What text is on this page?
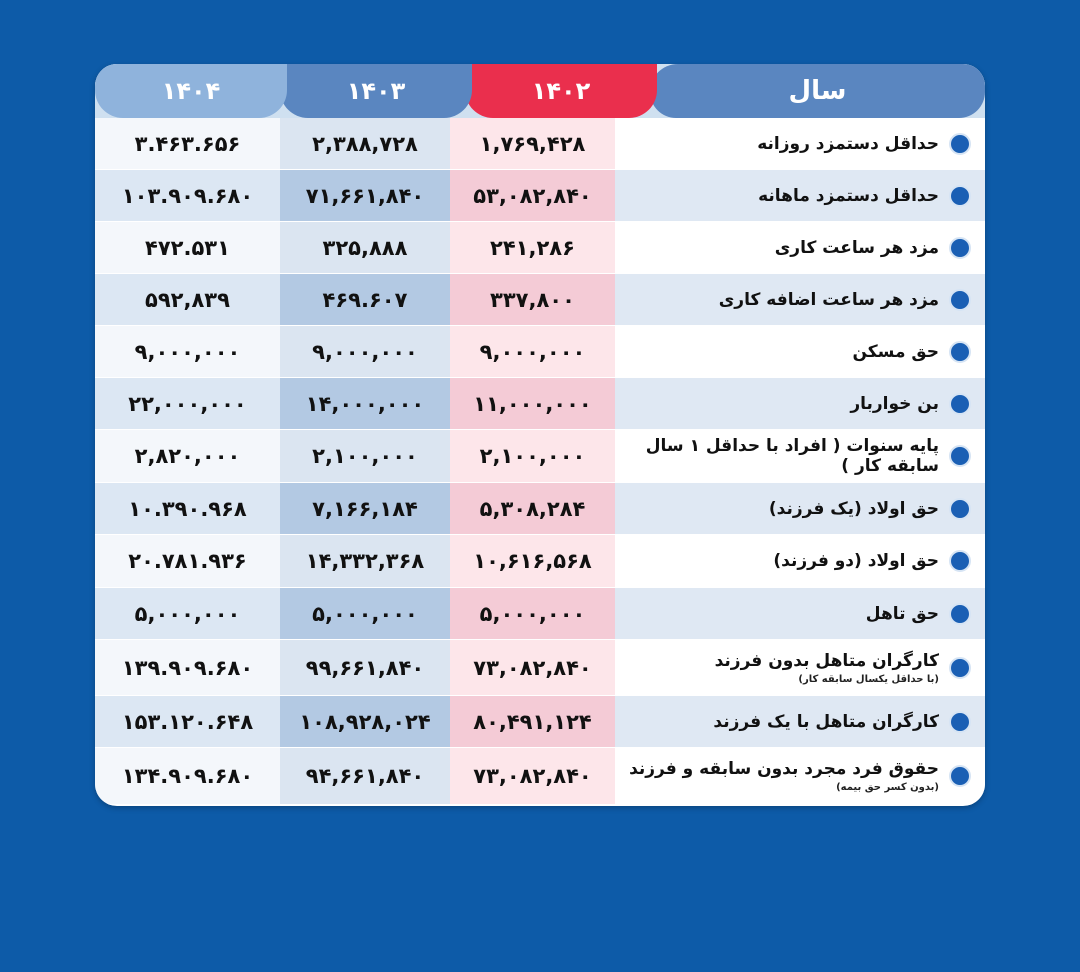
سال
۱۴۰۲
۱۴۰۳
۱۴۰۴
حداقل دستمزد روزانه
۱,۷۶۹,۴۲۸
۲,۳۸۸,۷۲۸
۳.۴۶۳.۶۵۶
حداقل دستمزد ماهانه
۵۳,۰۸۲,۸۴۰
۷۱,۶۶۱,۸۴۰
۱۰۳.۹۰۹.۶۸۰
مزد هر ساعت کاری
۲۴۱,۲۸۶
۳۲۵,۸۸۸
۴۷۲.۵۳۱
مزد هر ساعت اضافه کاری
۳۳۷,۸۰۰
۴۶۹.۶۰۷
۵۹۲,۸۳۹
حق مسکن
۹,۰۰۰,۰۰۰
۹,۰۰۰,۰۰۰
۹,۰۰۰,۰۰۰
بن خواربار
۱۱,۰۰۰,۰۰۰
۱۴,۰۰۰,۰۰۰
۲۲,۰۰۰,۰۰۰
پایه سنوات ( افراد با حداقل ۱ سال سابقه کار )
۲,۱۰۰,۰۰۰
۲,۱۰۰,۰۰۰
۲,۸۲۰,۰۰۰
حق اولاد (یک فرزند)
۵,۳۰۸,۲۸۴
۷,۱۶۶,۱۸۴
۱۰.۳۹۰.۹۶۸
حق اولاد (دو فرزند)
۱۰,۶۱۶,۵۶۸
۱۴,۳۳۲,۳۶۸
۲۰.۷۸۱.۹۳۶
حق تاهل
۵,۰۰۰,۰۰۰
۵,۰۰۰,۰۰۰
۵,۰۰۰,۰۰۰
کارگران متاهل بدون فرزند
(با حداقل یکسال سابقه کار)
۷۳,۰۸۲,۸۴۰
۹۹,۶۶۱,۸۴۰
۱۳۹.۹۰۹.۶۸۰
کارگران متاهل با یک فرزند
۸۰,۴۹۱,۱۲۴
۱۰۸,۹۲۸,۰۲۴
۱۵۳.۱۲۰.۶۴۸
حقوق فرد مجرد بدون سابقه و فرزند
(بدون کسر حق بیمه)
۷۳,۰۸۲,۸۴۰
۹۴,۶۶۱,۸۴۰
۱۳۴.۹۰۹.۶۸۰
